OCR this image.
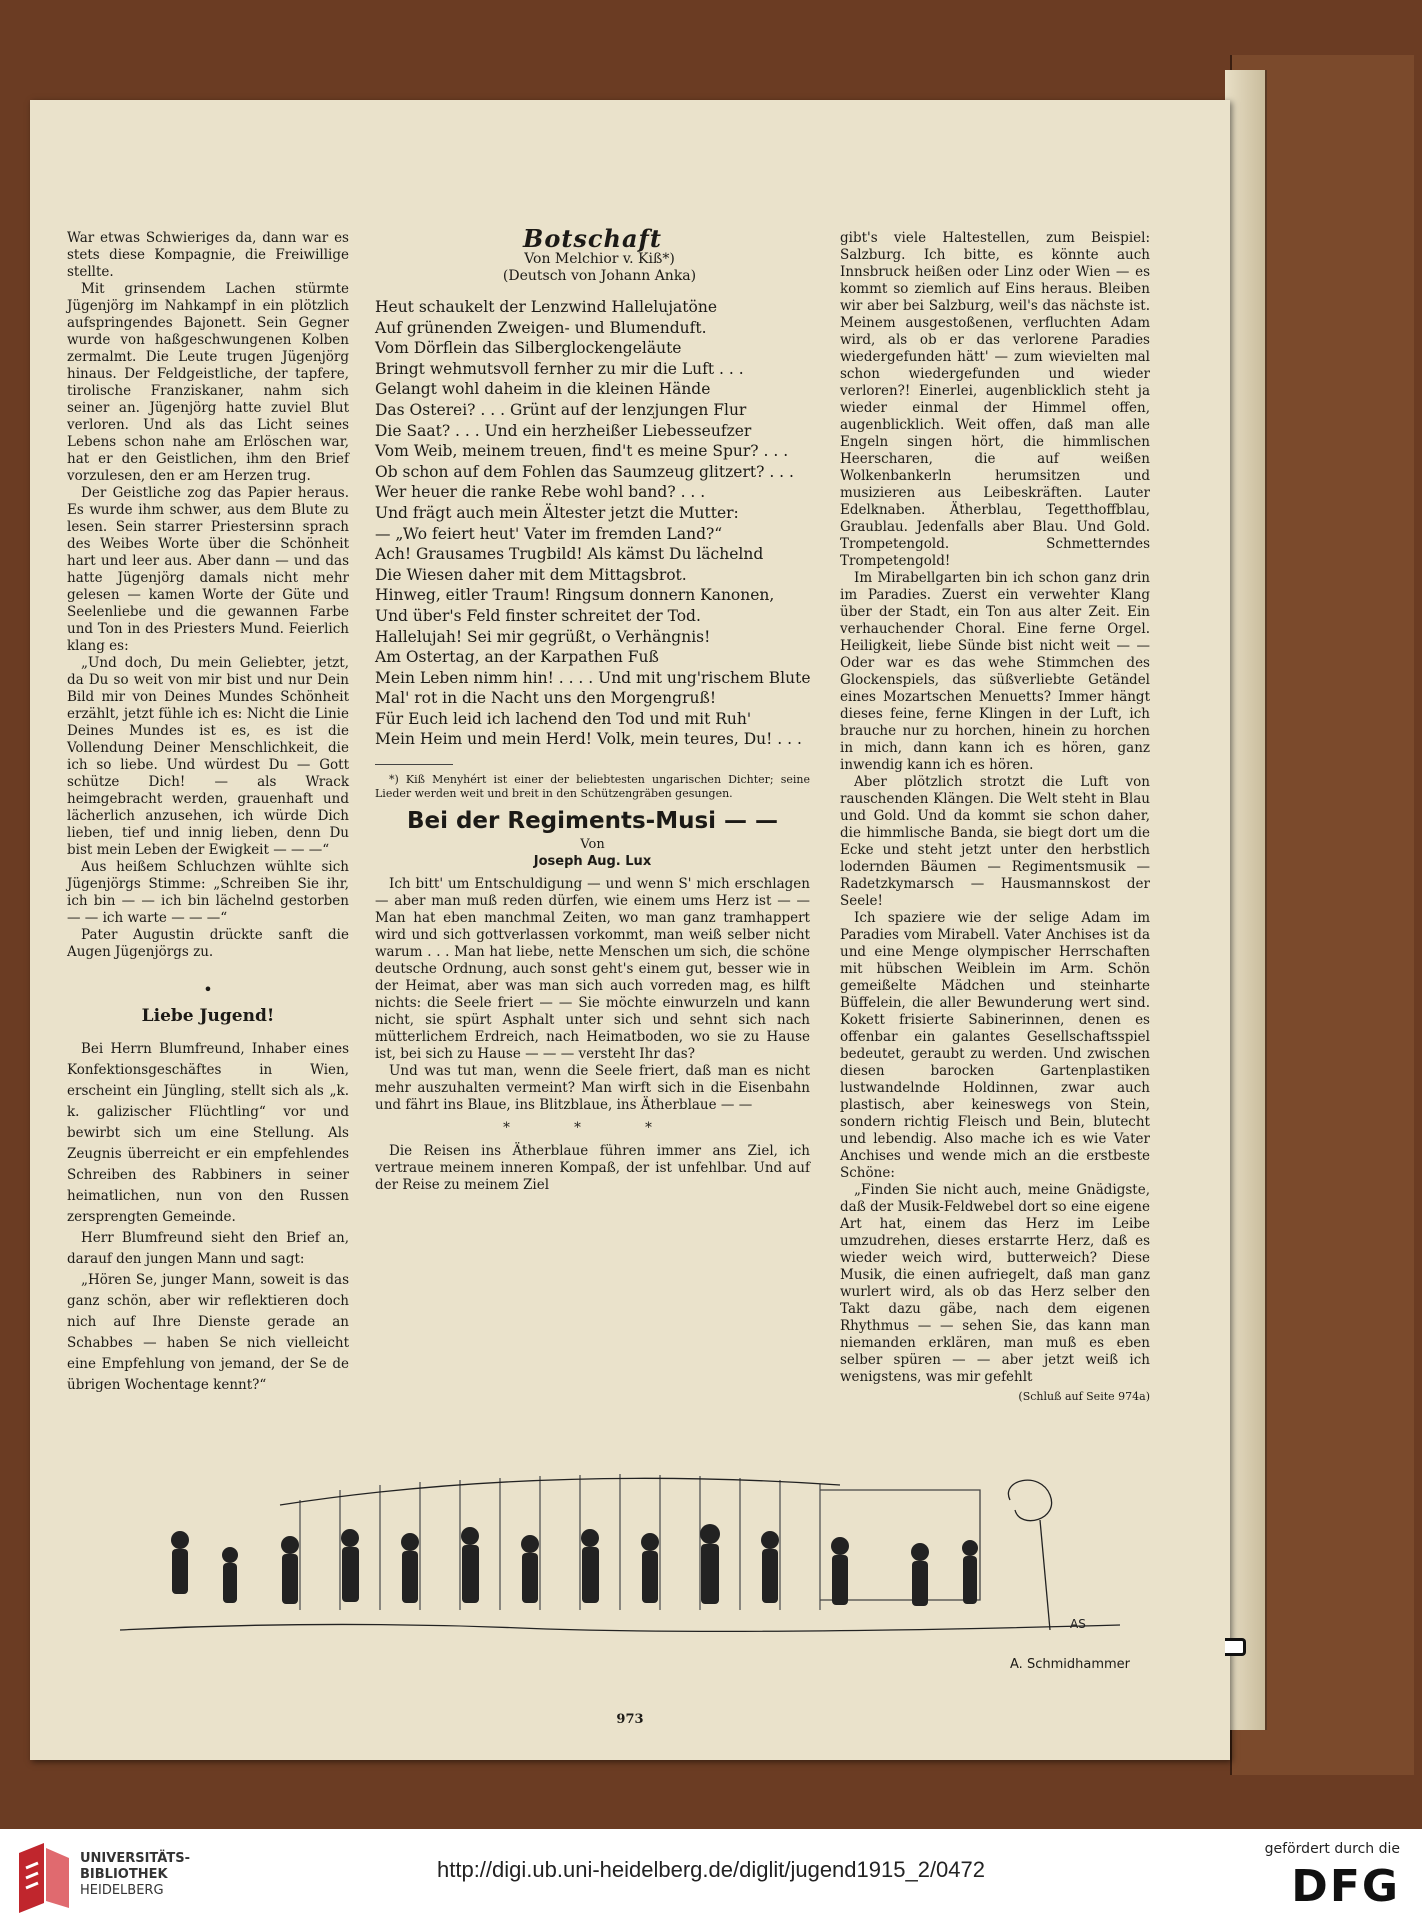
War etwas Schwieriges da, dann war es stets diese Kompagnie, die Freiwillige stellte.

Mit grinsendem Lachen stürmte Jügenjörg im Nahkampf in ein plötzlich aufspringendes Bajonett. Sein Gegner wurde von haßgeschwungenen Kolben zermalmt. Die Leute trugen Jügenjörg hinaus. Der Feldgeistliche, der tapfere, tirolische Franziskaner, nahm sich seiner an. Jügenjörg hatte zuviel Blut verloren. Und als das Licht seines Lebens schon nahe am Erlöschen war, hat er den Geistlichen, ihm den Brief vorzulesen, den er am Herzen trug.

Der Geistliche zog das Papier heraus. Es wurde ihm schwer, aus dem Blute zu lesen. Sein starrer Priestersinn sprach des Weibes Worte über die Schönheit hart und leer aus. Aber dann — und das hatte Jügenjörg damals nicht mehr gelesen — kamen Worte der Güte und Seelenliebe und die gewannen Farbe und Ton in des Priesters Mund. Feierlich klang es:

„Und doch, Du mein Geliebter, jetzt, da Du so weit von mir bist und nur Dein Bild mir von Deines Mundes Schönheit erzählt, jetzt fühle ich es: Nicht die Linie Deines Mundes ist es, es ist die Vollendung Deiner Menschlichkeit, die ich so liebe. Und würdest Du — Gott schütze Dich! — als Wrack heimgebracht werden, grauenhaft und lächerlich anzusehen, ich würde Dich lieben, tief und innig lieben, denn Du bist mein Leben der Ewigkeit — — —“

Aus heißem Schluchzen wühlte sich Jügenjörgs Stimme: „Schreiben Sie ihr, ich bin — — ich bin lächelnd gestorben — — ich warte — — —“

Pater Augustin drückte sanft die Augen Jügenjörgs zu.

•
Liebe Jugend!

Bei Herrn Blumfreund, Inhaber eines Konfektionsgeschäftes in Wien, erscheint ein Jüngling, stellt sich als „k. k. galizischer Flüchtling“ vor und bewirbt sich um eine Stellung. Als Zeugnis überreicht er ein empfehlendes Schreiben des Rabbiners in seiner heimatlichen, nun von den Russen zersprengten Gemeinde.

Herr Blumfreund sieht den Brief an, darauf den jungen Mann und sagt:

„Hören Se, junger Mann, soweit is das ganz schön, aber wir reflektieren doch nich auf Ihre Dienste gerade an Schabbes — haben Se nich vielleicht eine Empfehlung von jemand, der Se de übrigen Wochentage kennt?“

Botschaft

Von Melchior v. Kiß*)

(Deutsch von Johann Anka)

Heut schaukelt der Lenzwind Hallelujatöne
Auf grünenden Zweigen- und Blumenduft.
Vom Dörflein das Silberglockengeläute
Bringt wehmutsvoll fernher zu mir die Luft . . .
Gelangt wohl daheim in die kleinen Hände
Das Osterei? . . . Grünt auf der lenzjungen Flur
Die Saat? . . . Und ein herzheißer Liebesseufzer
Vom Weib, meinem treuen, find't es meine Spur? . . .
Ob schon auf dem Fohlen das Saumzeug glitzert? . . .
Wer heuer die ranke Rebe wohl band? . . .
Und frägt auch mein Ältester jetzt die Mutter:
— „Wo feiert heut' Vater im fremden Land?“
Ach! Grausames Trugbild! Als kämst Du lächelnd
Die Wiesen daher mit dem Mittagsbrot.
Hinweg, eitler Traum! Ringsum donnern Kanonen,
Und über's Feld finster schreitet der Tod.
Hallelujah! Sei mir gegrüßt, o Verhängnis!
Am Ostertag, an der Karpathen Fuß
Mein Leben nimm hin! . . . . Und mit ung'rischem Blute
Mal' rot in die Nacht uns den Morgengruß!
Für Euch leid ich lachend den Tod und mit Ruh'
Mein Heim und mein Herd! Volk, mein teures, Du! . . .
*) Kiß Menyhért ist einer der beliebtesten ungarischen Dichter; seine Lieder werden weit und breit in den Schützengräben gesungen.
Bei der Regiments-Musi — —
Von
Joseph Aug. Lux

Ich bitt' um Entschuldigung — und wenn S' mich erschlagen — aber man muß reden dürfen, wie einem ums Herz ist — — Man hat eben manchmal Zeiten, wo man ganz tramhappert wird und sich gottverlassen vorkommt, man weiß selber nicht warum . . . Man hat liebe, nette Menschen um sich, die schöne deutsche Ordnung, auch sonst geht's einem gut, besser wie in der Heimat, aber was man sich auch vorreden mag, es hilft nichts: die Seele friert — — Sie möchte einwurzeln und kann nicht, sie spürt Asphalt unter sich und sehnt sich nach mütterlichem Erdreich, nach Heimatboden, wo sie zu Hause ist, bei sich zu Hause — — — versteht Ihr das?

Und was tut man, wenn die Seele friert, daß man es nicht mehr auszuhalten vermeint? Man wirft sich in die Eisenbahn und fährt ins Blaue, ins Blitzblaue, ins Ätherblaue — —

* * *

Die Reisen ins Ätherblaue führen immer ans Ziel, ich vertraue meinem inneren Kompaß, der ist unfehlbar. Und auf der Reise zu meinem Ziel

gibt's viele Haltestellen, zum Beispiel: Salzburg. Ich bitte, es könnte auch Innsbruck heißen oder Linz oder Wien — es kommt so ziemlich auf Eins heraus. Bleiben wir aber bei Salzburg, weil's das nächste ist. Meinem ausgestoßenen, verfluchten Adam wird, als ob er das verlorene Paradies wiedergefunden hätt' — zum wievielten mal schon wiedergefunden und wieder verloren?! Einerlei, augenblicklich steht ja wieder einmal der Himmel offen, augenblicklich. Weit offen, daß man alle Engeln singen hört, die himmlischen Heerscharen, die auf weißen Wolkenbankerln herumsitzen und musizieren aus Leibeskräften. Lauter Edelknaben. Ätherblau, Tegetthoffblau, Graublau. Jedenfalls aber Blau. Und Gold. Trompetengold. Schmetterndes Trompetengold!

Im Mirabellgarten bin ich schon ganz drin im Paradies. Zuerst ein verwehter Klang über der Stadt, ein Ton aus alter Zeit. Ein verhauchender Choral. Eine ferne Orgel. Heiligkeit, liebe Sünde bist nicht weit — — Oder war es das wehe Stimmchen des Glockenspiels, das süßverliebte Getändel eines Mozartschen Menuetts? Immer hängt dieses feine, ferne Klingen in der Luft, ich brauche nur zu horchen, hinein zu horchen in mich, dann kann ich es hören, ganz inwendig kann ich es hören.

Aber plötzlich strotzt die Luft von rauschenden Klängen. Die Welt steht in Blau und Gold. Und da kommt sie schon daher, die himmlische Banda, sie biegt dort um die Ecke und steht jetzt unter den herbstlich lodernden Bäumen — Regimentsmusik — Radetzkymarsch — Hausmannskost der Seele!

Ich spaziere wie der selige Adam im Paradies vom Mirabell. Vater Anchises ist da und eine Menge olympischer Herrschaften mit hübschen Weiblein im Arm. Schön gemeißelte Mädchen und steinharte Büffelein, die aller Bewunderung wert sind. Kokett frisierte Sabinerinnen, denen es offenbar ein galantes Gesellschaftsspiel bedeutet, geraubt zu werden. Und zwischen diesen barocken Gartenplastiken lustwandelnde Holdinnen, zwar auch plastisch, aber keineswegs von Stein, sondern richtig Fleisch und Bein, blutecht und lebendig. Also mache ich es wie Vater Anchises und wende mich an die erstbeste Schöne:

„Finden Sie nicht auch, meine Gnädigste, daß der Musik-Feldwebel dort so eine eigene Art hat, einem das Herz im Leibe umzudrehen, dieses erstarrte Herz, daß es wieder weich wird, butterweich? Diese Musik, die einen aufriegelt, daß man ganz wurlert wird, als ob das Herz selber den Takt dazu gäbe, nach dem eigenen Rhythmus — — sehen Sie, das kann man niemanden erklären, man muß es eben selber spüren — — aber jetzt weiß ich wenigstens, was mir gefehlt

(Schluß auf Seite 974a)
AS
A. Schmidhammer
973
UNIVERSITÄTS-
BIBLIOTHEK
HEIDELBERG
http://digi.ub.uni-heidelberg.de/diglit/jugend1915_2/0472
gefördert durch die
DFG
